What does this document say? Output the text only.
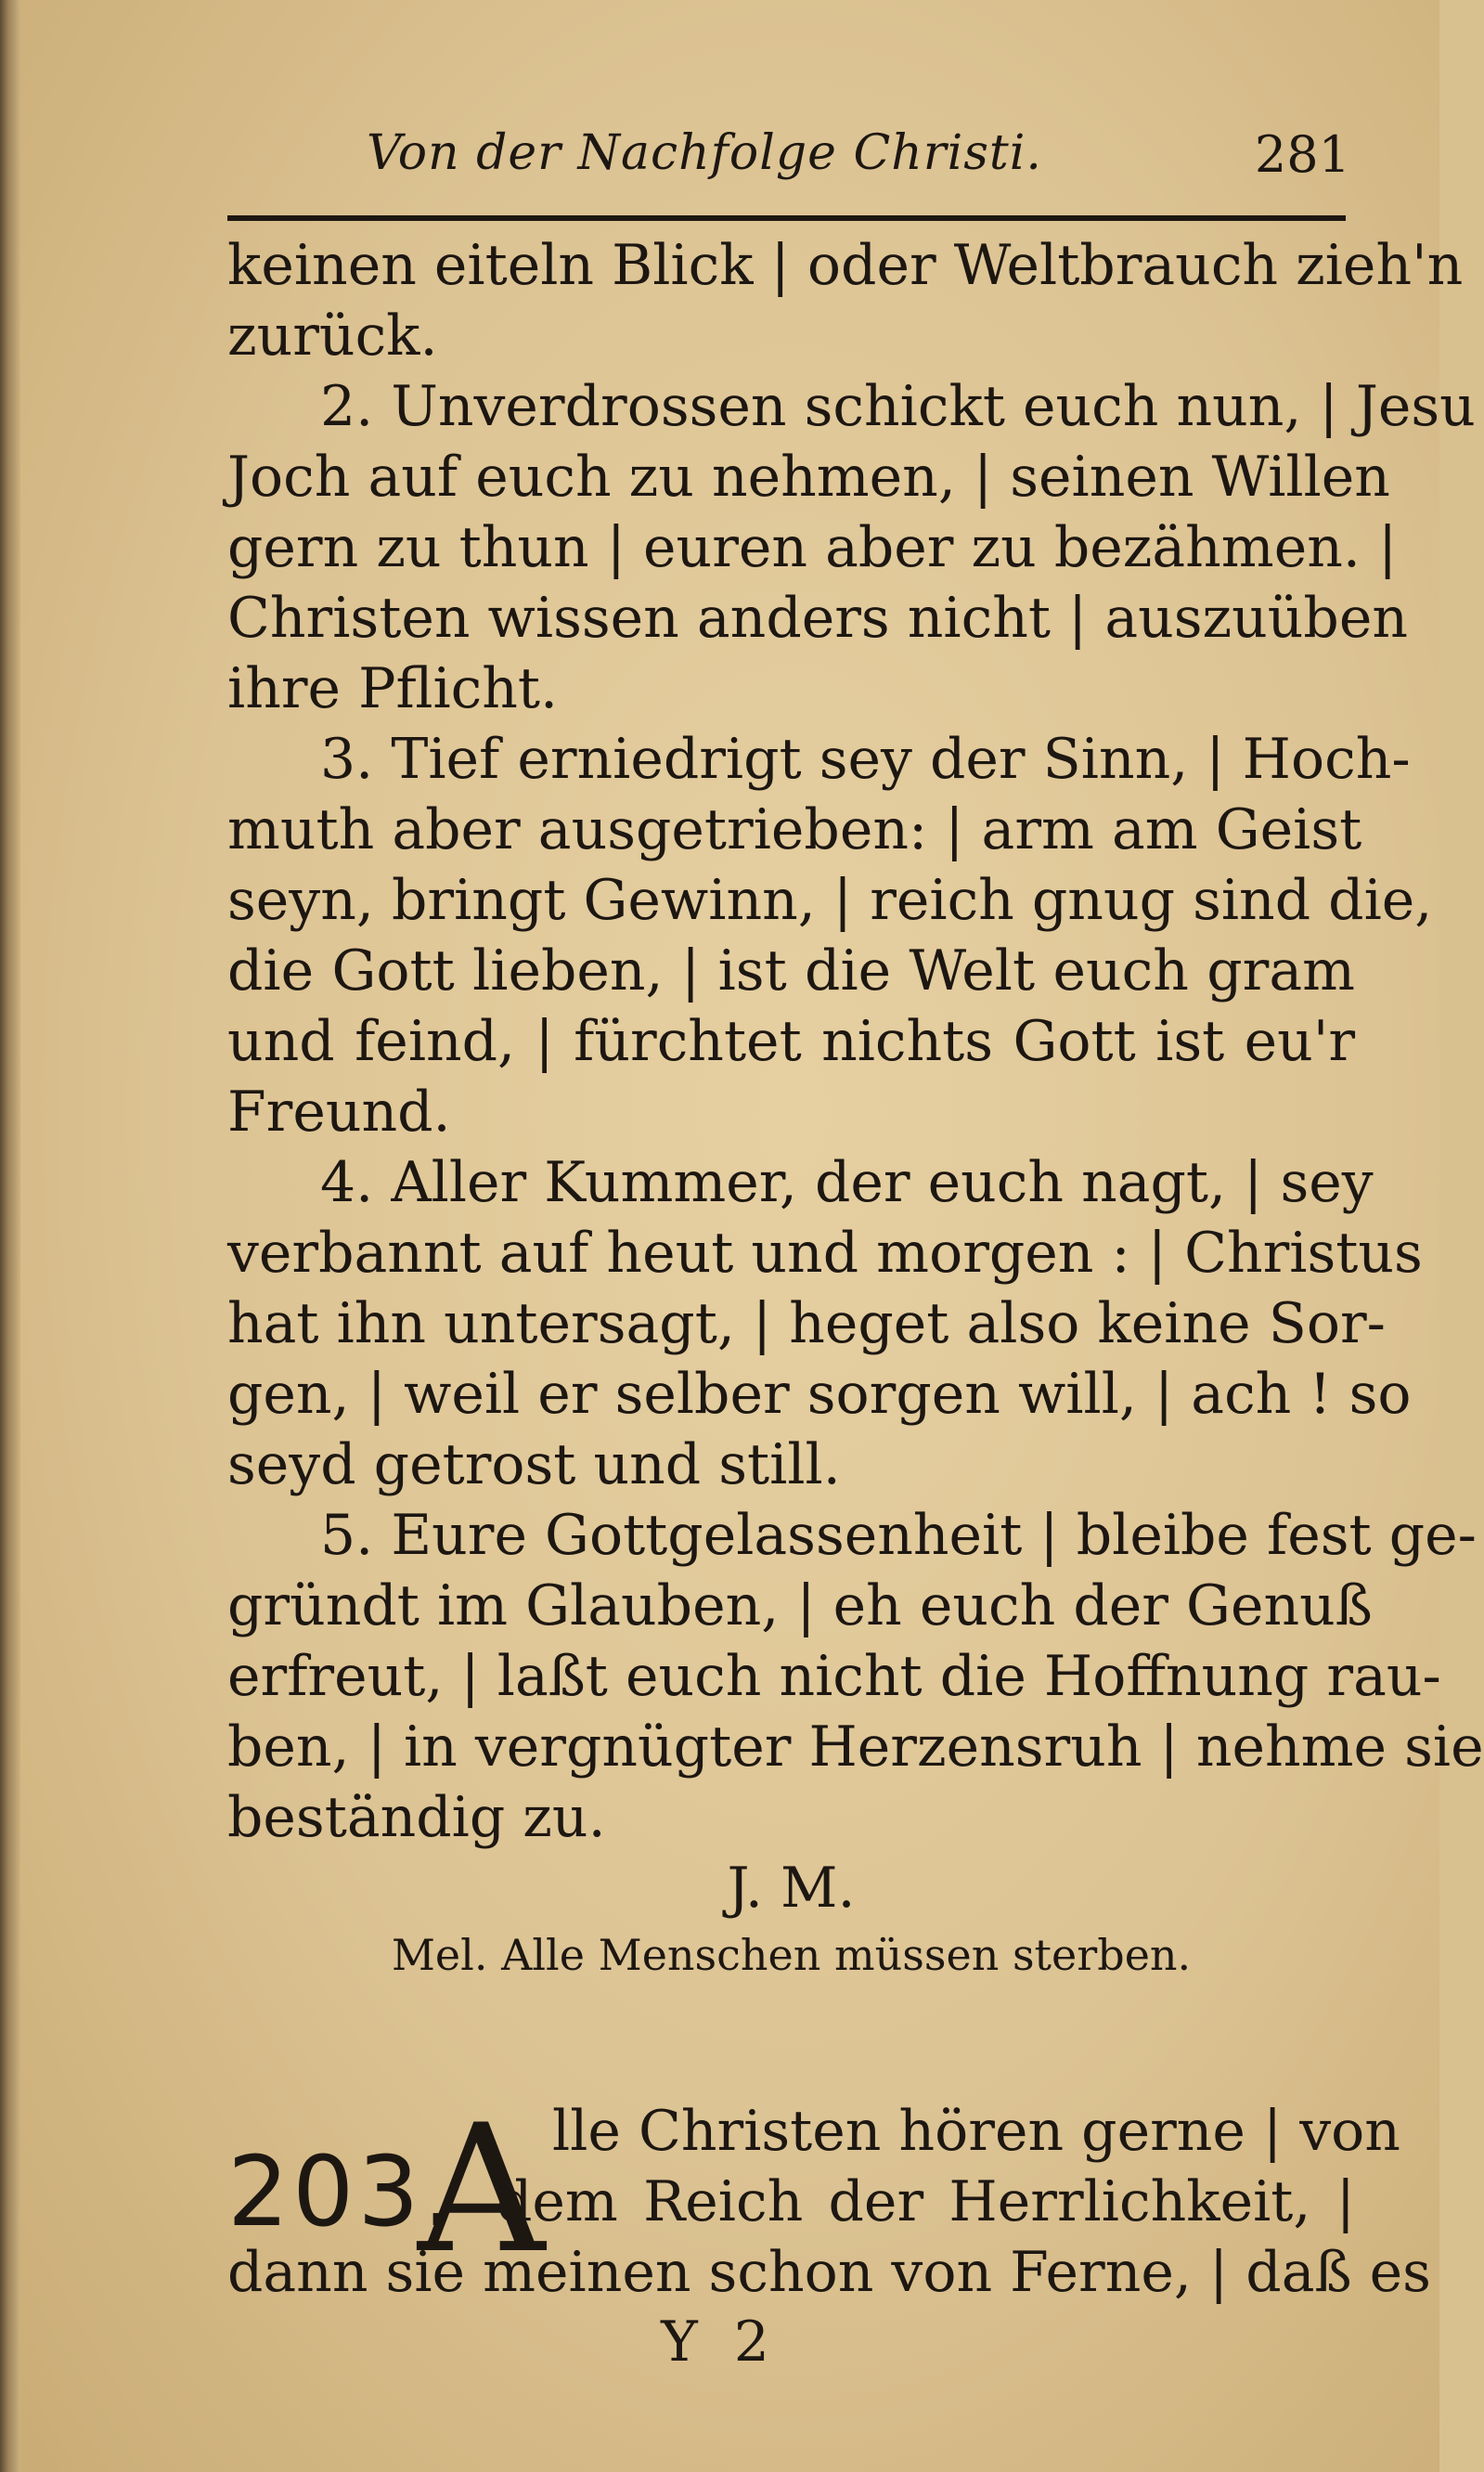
Von der Nachfolge Christi.	281
keinen eiteln Blick | oder Weltbrauch zieh'n
zurück.
2. Unverdrossen schickt euch nun, | Jesu
Joch auf euch zu nehmen, | seinen Willen
gern zu thun | euren aber zu bezähmen. |
Christen wissen anders nicht | auszuüben
ihre Pflicht.
3. Tief erniedrigt sey der Sinn, | Hoch-
muth aber ausgetrieben: | arm am Geist
seyn, bringt Gewinn, | reich gnug sind die,
die Gott lieben, | ist die Welt euch gram
und feind, | fürchtet nichts Gott ist eu'r
Freund.
4. Aller Kummer, der euch nagt, | sey
verbannt auf heut und morgen : | Christus
hat ihn untersagt, | heget also keine Sor-
gen, | weil er selber sorgen will, | ach ! so
seyd getrost und still.
5. Eure Gottgelassenheit | bleibe fest ge-
gründt im Glauben, | eh euch der Genuß
erfreut, | laßt euch nicht die Hoffnung rau-
ben, | in vergnügter Herzensruh | nehme sie
beständig zu.
J. M.
Mel. Alle Menschen müssen sterben.
203.
A lle Christen hören gerne | von
dem Reich der Herrlichkeit, |
dann sie meinen schon von Ferne, | daß es
Y 2
